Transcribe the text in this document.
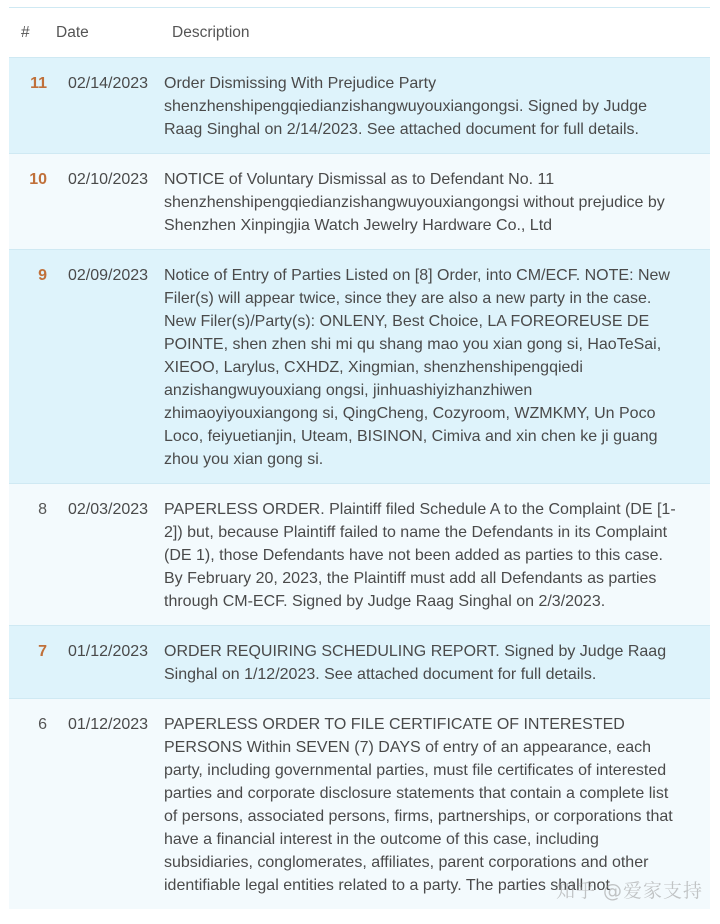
#	Date	Description
11	02/14/2023 Order Dismissing With Prejudice Party shenzhenshipengqiedianzishangwuyouxiangongsi. Signed by Judge Raag Singhal on 2/14/2023. See attached document for full details.
10	02/10/2023 NOTICE of Voluntary Dismissal as to Defendant No. 11 shenzhenshipengqiedianzishangwuyouxiangongsi without prejudice by Shenzhen Xinpingjia Watch Jewelry Hardware Co., Ltd
9	02/09/2023 Notice of Entry of Parties Listed on [8] Order, into CM/ECF. NOTE: New Filer(s) will appear twice, since they are also a new party in the case. New Filer(s)/Party(s): ONLENY, Best Choice, LA FOREOREUSE DE POINTE, shen zhen shi mi qu shang mao you xian gong si, HaoTeSai, XIEOO, Larylus, CXHDZ, Xingmian, shenzhenshipengqiedi anzishangwuyouxiang ongsi, jinhuashiyizhanzhiwen zhimaoyiyouxiangong si, QingCheng, Cozyroom, WZMKMY, Un Poco Loco, feiyuetianjin, Uteam, BISINON, Cimiva and xin chen ke ji guang zhou you xian gong si.
8	02/03/2023 PAPERLESS ORDER. Plaintiff filed Schedule A to the Complaint (DE [1-2]) but, because Plaintiff failed to name the Defendants in its Complaint (DE 1), those Defendants have not been added as parties to this case. By February 20, 2023, the Plaintiff must add all Defendants as parties through CM-ECF. Signed by Judge Raag Singhal on 2/3/2023.
7	01/12/2023 ORDER REQUIRING SCHEDULING REPORT. Signed by Judge Raag Singhal on 1/12/2023. See attached document for full details.
6	01/12/2023 PAPERLESS ORDER TO FILE CERTIFICATE OF INTERESTED PERSONS Within SEVEN (7) DAYS of entry of an appearance, each party, including governmental parties, must file certificates of interested parties and corporate disclosure statements that contain a complete list of persons, associated persons, firms, partnerships, or corporations that have a financial interest in the outcome of this case, including subsidiaries, conglomerates, affiliates, parent corporations and other identifiable legal entities related to a party. The parties shall not
知乎 @爱家支持
